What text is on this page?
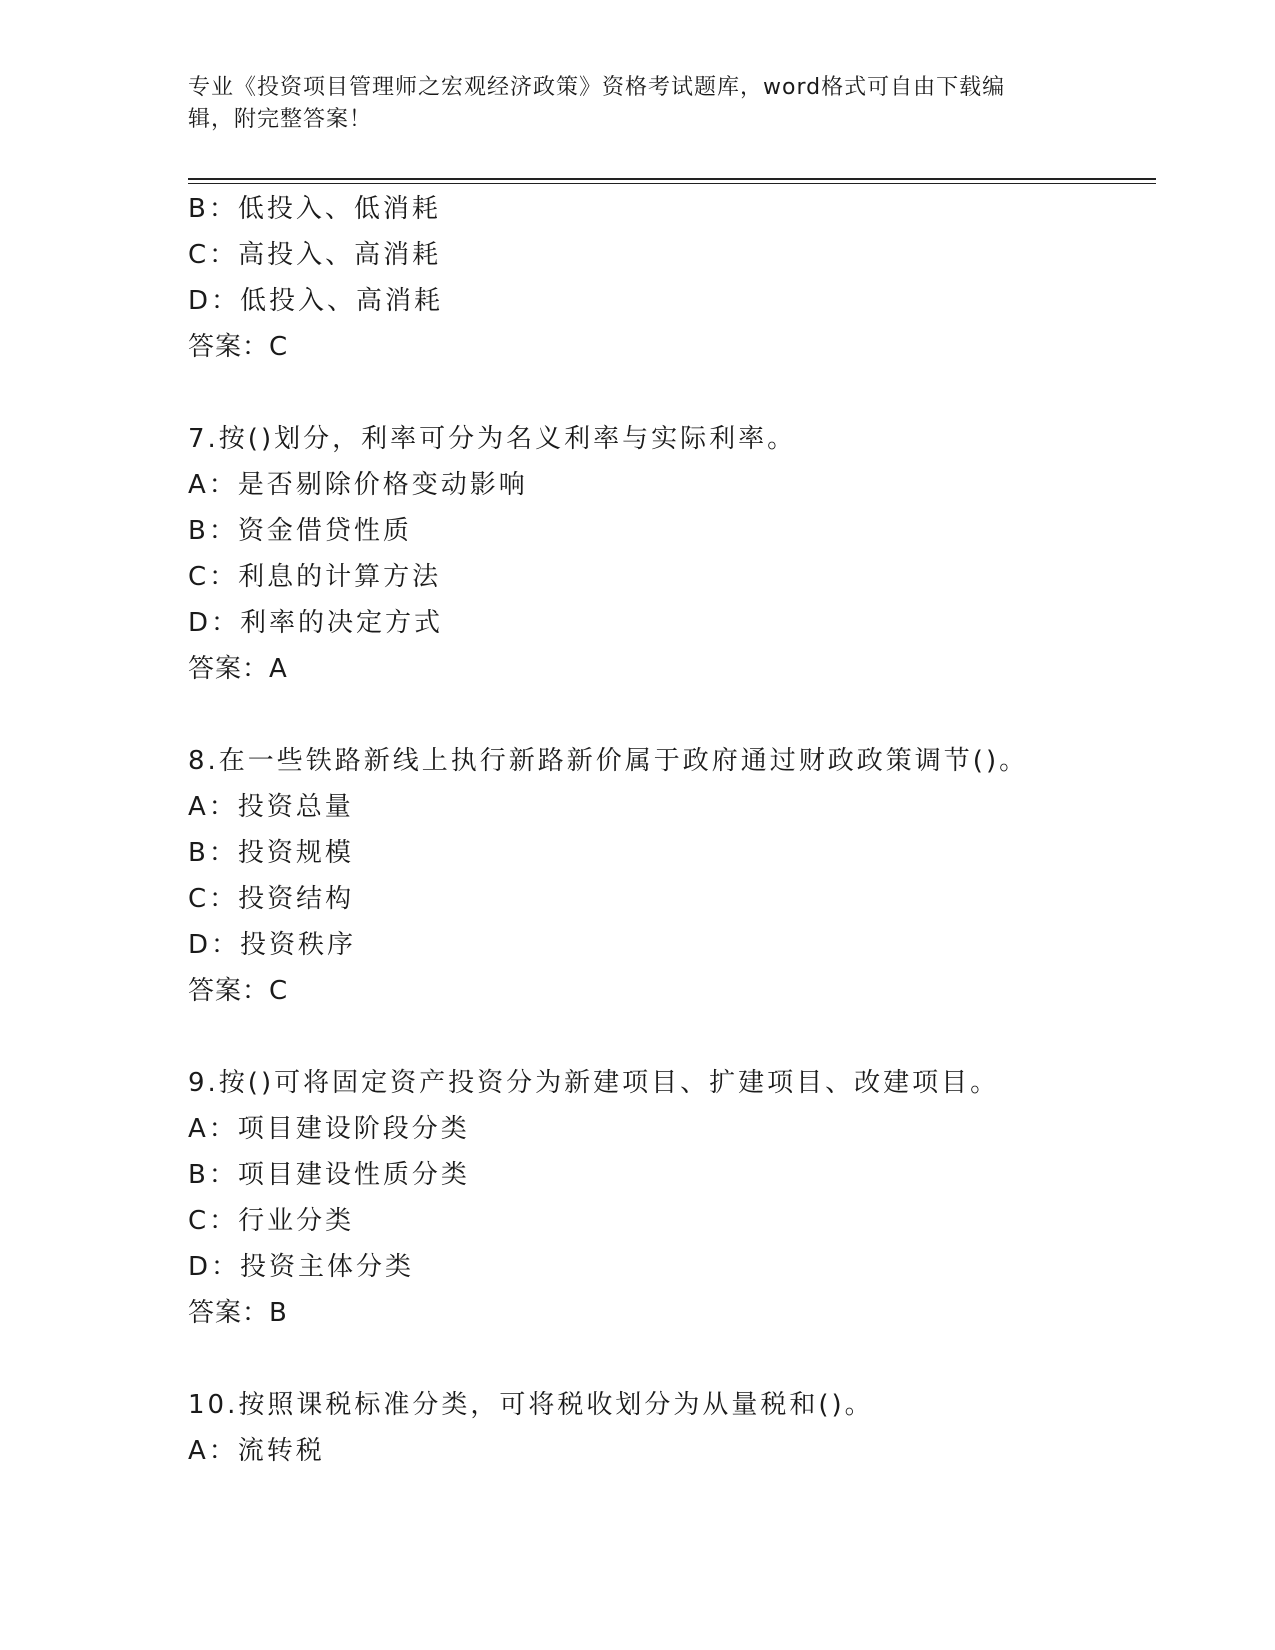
专业《投资项目管理师之宏观经济政策》资格考试题库，word格式可自由下载编
辑，附完整答案！
B：低投入、低消耗
C：高投入、高消耗
D：低投入、高消耗
答案：C
7.按()划分，利率可分为名义利率与实际利率。
A：是否剔除价格变动影响
B：资金借贷性质
C：利息的计算方法
D：利率的决定方式
答案：A
8.在一些铁路新线上执行新路新价属于政府通过财政政策调节()。
A：投资总量
B：投资规模
C：投资结构
D：投资秩序
答案：C
9.按()可将固定资产投资分为新建项目、扩建项目、改建项目。
A：项目建设阶段分类
B：项目建设性质分类
C：行业分类
D：投资主体分类
答案：B
10.按照课税标准分类，可将税收划分为从量税和()。
A：流转税
